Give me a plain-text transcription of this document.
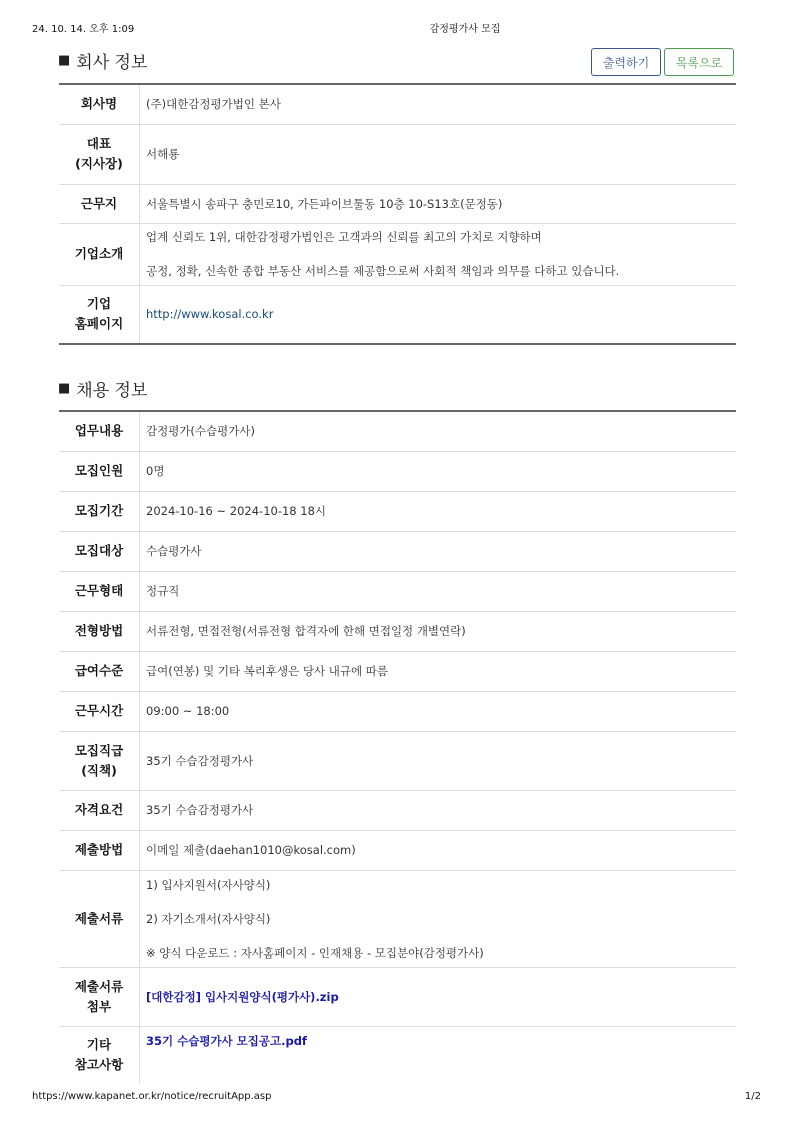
24. 10. 14. 오후 1:09	감정평가사 모집
■ 회사 정보	출력하기	목록으로
회사명	(주)대한감정평가법인 본사

대표
(지사장)	서해룡
근무지	서울특별시 송파구 충민로10, 가든파이브툴동 10층 10-S13호(문정동)
기업소개	업계 신뢰도 1위, 대한감정평가법인은 고객과의 신뢰를 최고의 가치로 지향하며

공정, 정확, 신속한 종합 부동산 서비스를 제공함으로써 사회적 책임과 의무를 다하고 있습니다.

기업
홈페이지	http://www.kosal.co.kr
■ 채용 정보
업무내용	감정평가(수습평가사)
모집인원	0명
모집기간	2024-10-16 ~ 2024-10-18 18시
모집대상	수습평가사
근무형태	정규직
전형방법	서류전형, 면접전형(서류전형 합격자에 한해 면접일정 개별연락)
급여수준	급여(연봉) 및 기타 복리후생은 당사 내규에 따름
근무시간	09:00 ~ 18:00

모집직급
(직책)	35기 수습감정평가사
자격요건	35기 수습감정평가사
제출방법	이메일 제출(daehan1010@kosal.com)
제출서류	1) 입사지원서(자사양식)

2) 자기소개서(자사양식)

※ 양식 다운로드 : 자사홈페이지 - 인재채용 - 모집분야(감정평가사)

제출서류
첨부	[대한감정] 입사지원양식(평가사).zip

기타
참고사항	35기 수습평가사 모집공고.pdf
https://www.kapanet.or.kr/notice/recruitApp.asp	1/2
